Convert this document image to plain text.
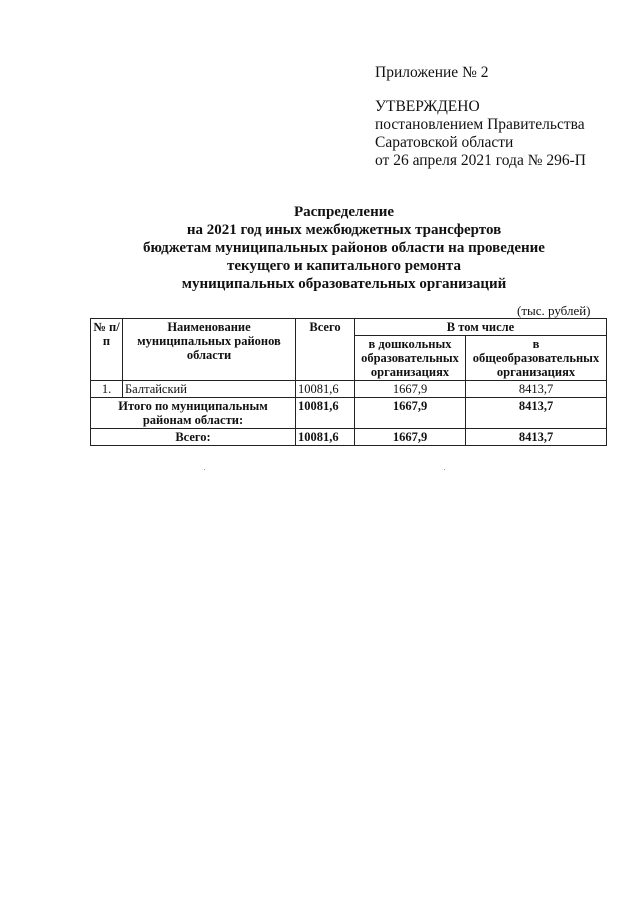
Приложение № 2
УТВЕРЖДЕНО
постановлением Правительства
Саратовской области
от 26 апреля 2021 года № 296-П
Распределение
на 2021 год иных межбюджетных трансфертов
бюджетам муниципальных районов области на проведение
текущего и капитального ремонта
муниципальных образовательных организаций
(тыс. рублей)
№ п/п	Наименование муниципальных районов области	Всего	В том числе	
			в дошкольных образовательных организациях	в общеобразовательных организациях
1.	Балтайский	10081,6	1667,9	8413,7
Итого по муниципальным районам области:		10081,6	1667,9	8413,7
Всего:		10081,6	1667,9	8413,7
